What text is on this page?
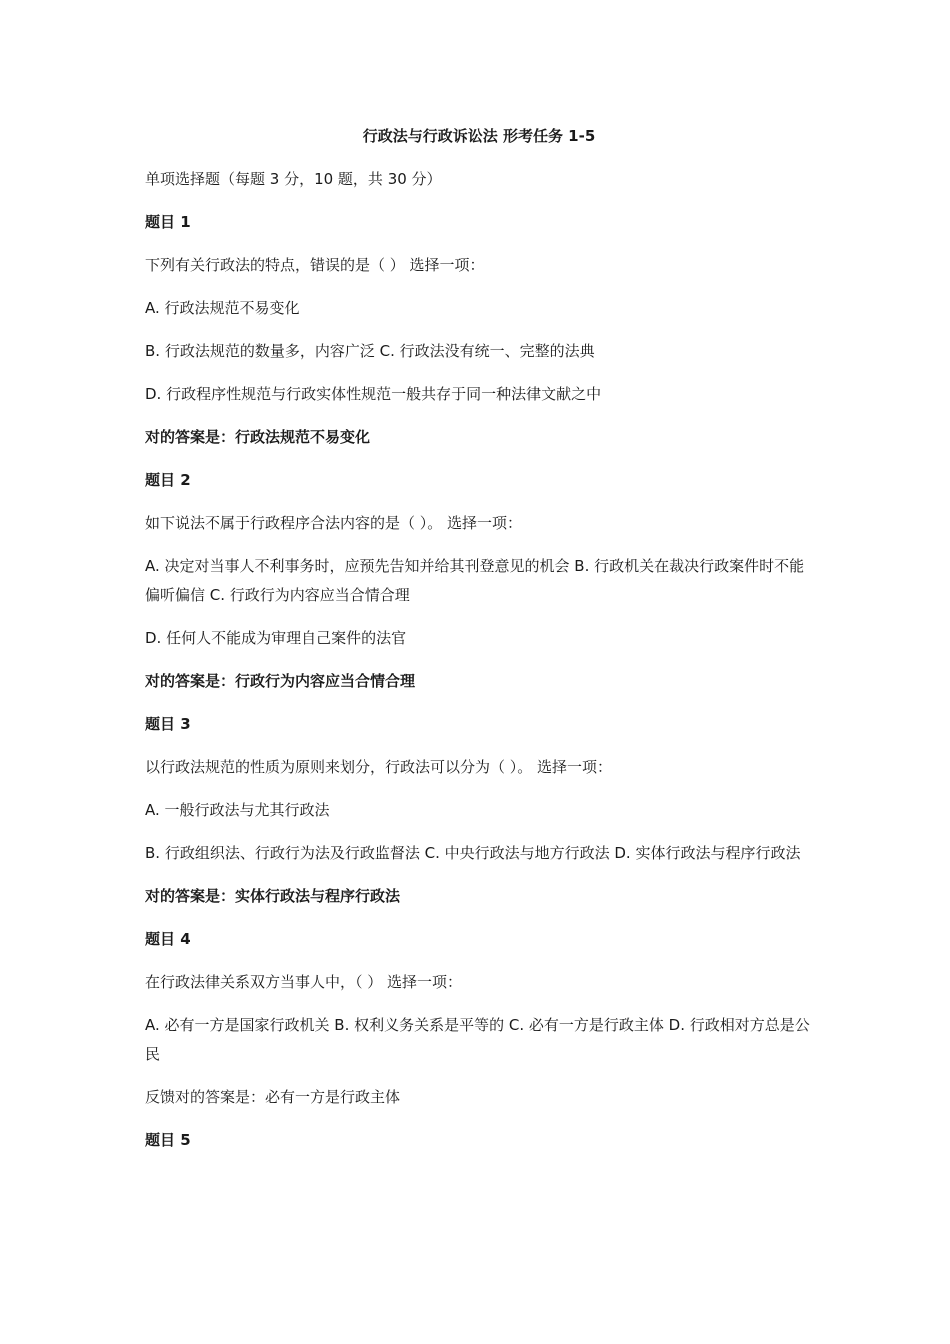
行政法与行政诉讼法 形考任务 1-5

单项选择题（每题 3 分，10 题，共 30 分）

题目 1

下列有关行政法的特点，错误的是（ ） 选择一项：

A. 行政法规范不易变化

B. 行政法规范的数量多，内容广泛 C. 行政法没有统一、完整的法典

D. 行政程序性规范与行政实体性规范一般共存于同一种法律文献之中

对的答案是：行政法规范不易变化

题目 2

如下说法不属于行政程序合法内容的是（ ）。 选择一项：

A. 决定对当事人不利事务时，应预先告知并给其刊登意见的机会 B. 行政机关在裁决行政案件时不能偏听偏信 C. 行政行为内容应当合情合理

D. 任何人不能成为审理自己案件的法官

对的答案是：行政行为内容应当合情合理

题目 3

以行政法规范的性质为原则来划分，行政法可以分为（ ）。 选择一项：

A. 一般行政法与尤其行政法

B. 行政组织法、行政行为法及行政监督法 C. 中央行政法与地方行政法 D. 实体行政法与程序行政法

对的答案是：实体行政法与程序行政法

题目 4

在行政法律关系双方当事人中，（ ） 选择一项：

A. 必有一方是国家行政机关 B. 权利义务关系是平等的 C. 必有一方是行政主体 D. 行政相对方总是公民

反馈对的答案是：必有一方是行政主体

题目 5
